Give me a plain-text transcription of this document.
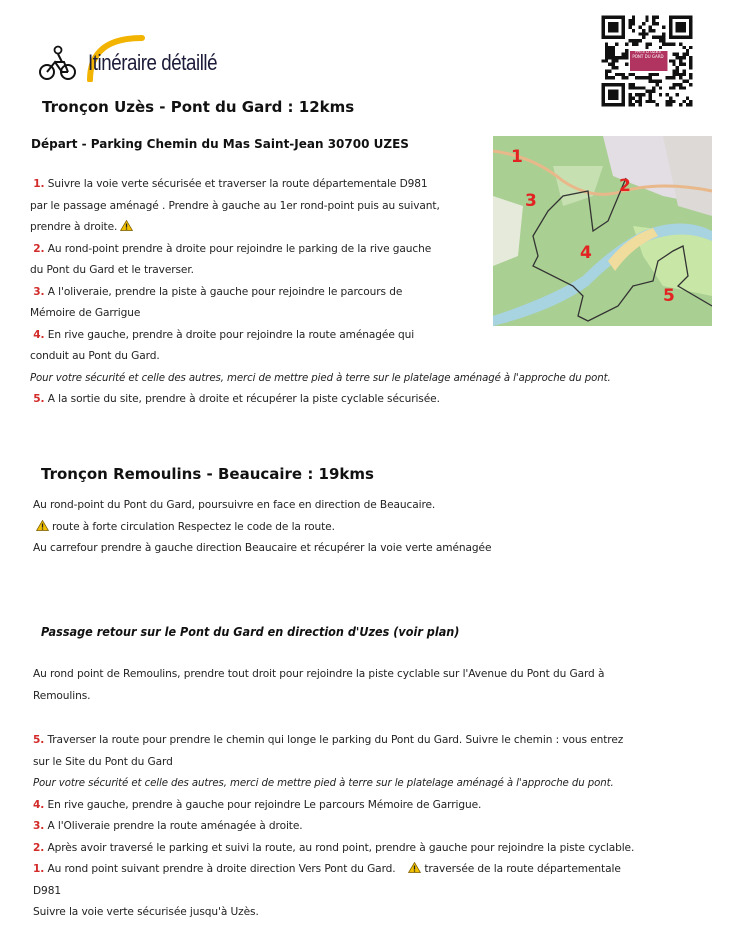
Itinéraire détaillé	PAYS D'UZÈS
PONT DU GARD
Tronçon Uzès - Pont du Gard : 12kms
Départ - Parking Chemin du Mas Saint-Jean 30700 UZES
1. Suivre la voie verte sécurisée et traverser la route départementale D981
par le passage aménagé . Prendre à gauche au 1er rond-point puis au suivant,
prendre à droite.
2. Au rond-point prendre à droite pour rejoindre le parking de la rive gauche
du Pont du Gard et le traverser.
3. A l'oliveraie, prendre la piste à gauche pour rejoindre le parcours de
Mémoire de Garrigue
4. En rive gauche, prendre à droite pour rejoindre la route aménagée qui
conduit au Pont du Gard.
Pour votre sécurité et celle des autres, merci de mettre pied à terre sur le platelage aménagé à l'approche du pont.
5. A la sortie du site, prendre à droite et récupérer la piste cyclable sécurisée.
1
2
3
4
5
Tronçon Remoulins - Beaucaire : 19kms
Au rond-point du Pont du Gard, poursuivre en face en direction de Beaucaire.
route à forte circulation Respectez le code de la route.
Au carrefour prendre à gauche direction Beaucaire et récupérer la voie verte aménagée
Passage retour sur le Pont du Gard en direction d'Uzes (voir plan)
Au rond point de Remoulins, prendre tout droit pour rejoindre la piste cyclable sur l'Avenue du Pont du Gard à
Remoulins.
5. Traverser la route pour prendre le chemin qui longe le parking du Pont du Gard. Suivre le chemin : vous entrez
sur le Site du Pont du Gard
Pour votre sécurité et celle des autres, merci de mettre pied à terre sur le platelage aménagé à l'approche du pont.
4. En rive gauche, prendre à gauche pour rejoindre Le parcours Mémoire de Garrigue.
3. A l'Oliveraie prendre la route aménagée à droite.
2. Après avoir traversé le parking et suivi la route, au rond point, prendre à gauche pour rejoindre la piste cyclable.
1. Au rond point suivant prendre à droite direction Vers Pont du Gard.	traversée de la route départementale
D981
Suivre la voie verte sécurisée jusqu'à Uzès.
